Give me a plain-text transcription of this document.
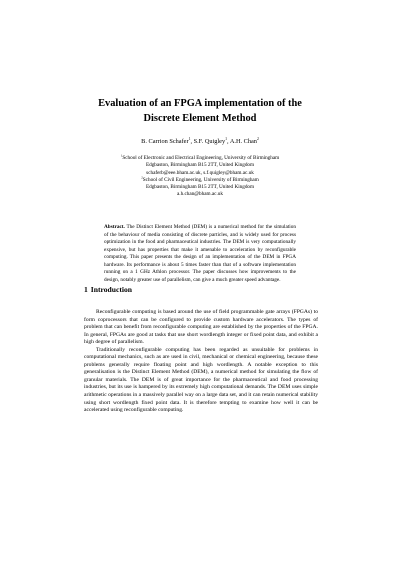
Evaluation of an FPGA implementation of the Discrete Element Method
B. Carrion Schafer$^1$, S.F. Quigley$^1$, A.H. Chan$^2$
$^1$School of Electronic and Electrical Engineering, University of Birmingham
Edgbaston, Birmingham B15 2TT, United Kingdom
schaferb@eee.bham.ac.uk, s.f.quigley@bham.ac.uk
$^2$School of Civil Engineering, University of Birmingham
Edgbaston, Birmingham B15 2TT, United Kingdom
a.h.chan@bham.ac.uk
Abstract. The Distinct Element Method (DEM) is a numerical method for the simulation of the behaviour of media consisting of discrete particles, and is widely used for process optimization in the food and pharmaceutical industries. The DEM is very computationally expensive, but has properties that make it amenable to acceleration by reconfigurable computing. This paper presents the design of an implementation of the DEM in FPGA hardware. Its performance is about 5 times faster than that of a software implementation running on a 1 GHz Athlon processor. The paper discusses how improvements to the design, notably greater use of parallelism, can give a much greater speed advantage.
1 Introduction

Reconfigurable computing is based around the use of field programmable gate arrays (FPGAs) to form coprocessors that can be configured to provide custom hardware accelerators. The types of problem that can benefit from reconfigurable computing are established by the properties of the FPGA. In general, FPGAs are good at tasks that use short wordlength integer or fixed point data, and exhibit a high degree of parallelism.

Traditionally reconfigurable computing has been regarded as unsuitable for problems in computational mechanics, such as are used in civil, mechanical or chemical engineering, because these problems generally require floating point and high wordlength. A notable exception to this generalisation is the Distinct Element Method (DEM), a numerical method for simulating the flow of granular materials. The DEM is of great importance for the pharmaceutical and food processing industries, but its use is hampered by its extremely high computational demands. The DEM uses simple arithmetic operations in a massively parallel way on a large data set, and it can retain numerical stability using short wordlength fixed point data. It is therefore tempting to examine how well it can be accelerated using reconfigurable computing.
